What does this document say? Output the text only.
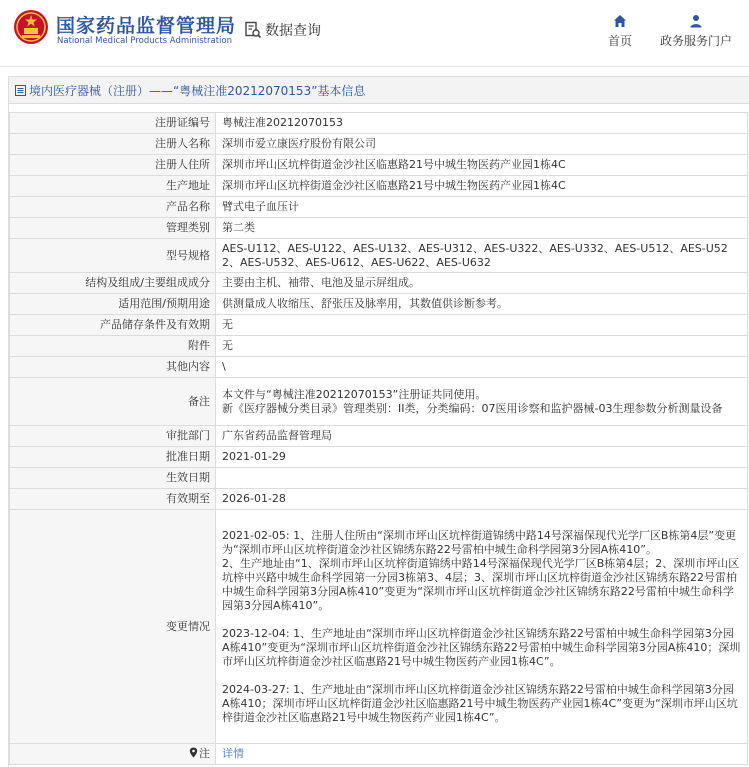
国家药品监督管理局
National Medical Products Administration
数据查询
首页	政务服务门户
境内医疗器械（注册）——“粤械注准20212070153”基本信息
注册证编号	粤械注准20212070153
注册人名称	深圳市爱立康医疗股份有限公司
注册人住所	深圳市坪山区坑梓街道金沙社区临惠路21号中城生物医药产业园1栋4C
生产地址	深圳市坪山区坑梓街道金沙社区临惠路21号中城生物医药产业园1栋4C
产品名称	臂式电子血压计
管理类别	第二类
型号规格	AES-U112、AES-U122、AES-U132、AES-U312、AES-U322、AES-U332、AES-U512、AES-U522、AES-U532、AES-U612、AES-U622、AES-U632
结构及组成/主要组成成分	主要由主机、袖带、电池及显示屏组成。
适用范围/预期用途	供测量成人收缩压、舒张压及脉率用，其数值供诊断参考。
产品储存条件及有效期	无
附件	无
其他内容	\
备注	本文件与“粤械注准20212070153”注册证共同使用。
新《医疗器械分类目录》管理类别：II类，分类编码：07医用诊察和监护器械-03生理参数分析测量设备

审批部门	广东省药品监督管理局
批准日期	2021-01-29
生效日期	
有效期至	2026-01-28
变更情况	2021-02-05: 1、注册人住所由“深圳市坪山区坑梓街道锦绣中路14号深福保现代光学厂区B栋第4层”变更为“深圳市坪山区坑梓街道金沙社区锦绣东路22号雷柏中城生命科学园第3分园A栋410”。
2、生产地址由“1、深圳市坪山区坑梓街道锦绣中路14号深福保现代光学厂区B栋第4层；2、深圳市坪山区坑梓中兴路中城生命科学园第一分园3栋第3、4层；3、深圳市坪山区坑梓街道金沙社区锦绣东路22号雷柏中城生命科学园第3分园A栋410”变更为“深圳市坪山区坑梓街道金沙社区锦绣东路22号雷柏中城生命科学园第3分园A栋410”。
2023-12-04: 1、生产地址由“深圳市坪山区坑梓街道金沙社区锦绣东路22号雷柏中城生命科学园第3分园A栋410”变更为“深圳市坪山区坑梓街道金沙社区锦绣东路22号雷柏中城生命科学园第3分园A栋410；深圳市坪山区坑梓街道金沙社区临惠路21号中城生物医药产业园1栋4C”。
2024-03-27: 1、生产地址由“深圳市坪山区坑梓街道金沙社区锦绣东路22号雷柏中城生命科学园第3分园A栋410；深圳市坪山区坑梓街道金沙社区临惠路21号中城生物医药产业园1栋4C”变更为“深圳市坪山区坑梓街道金沙社区临惠路21号中城生物医药产业园1栋4C”。

注	详情
